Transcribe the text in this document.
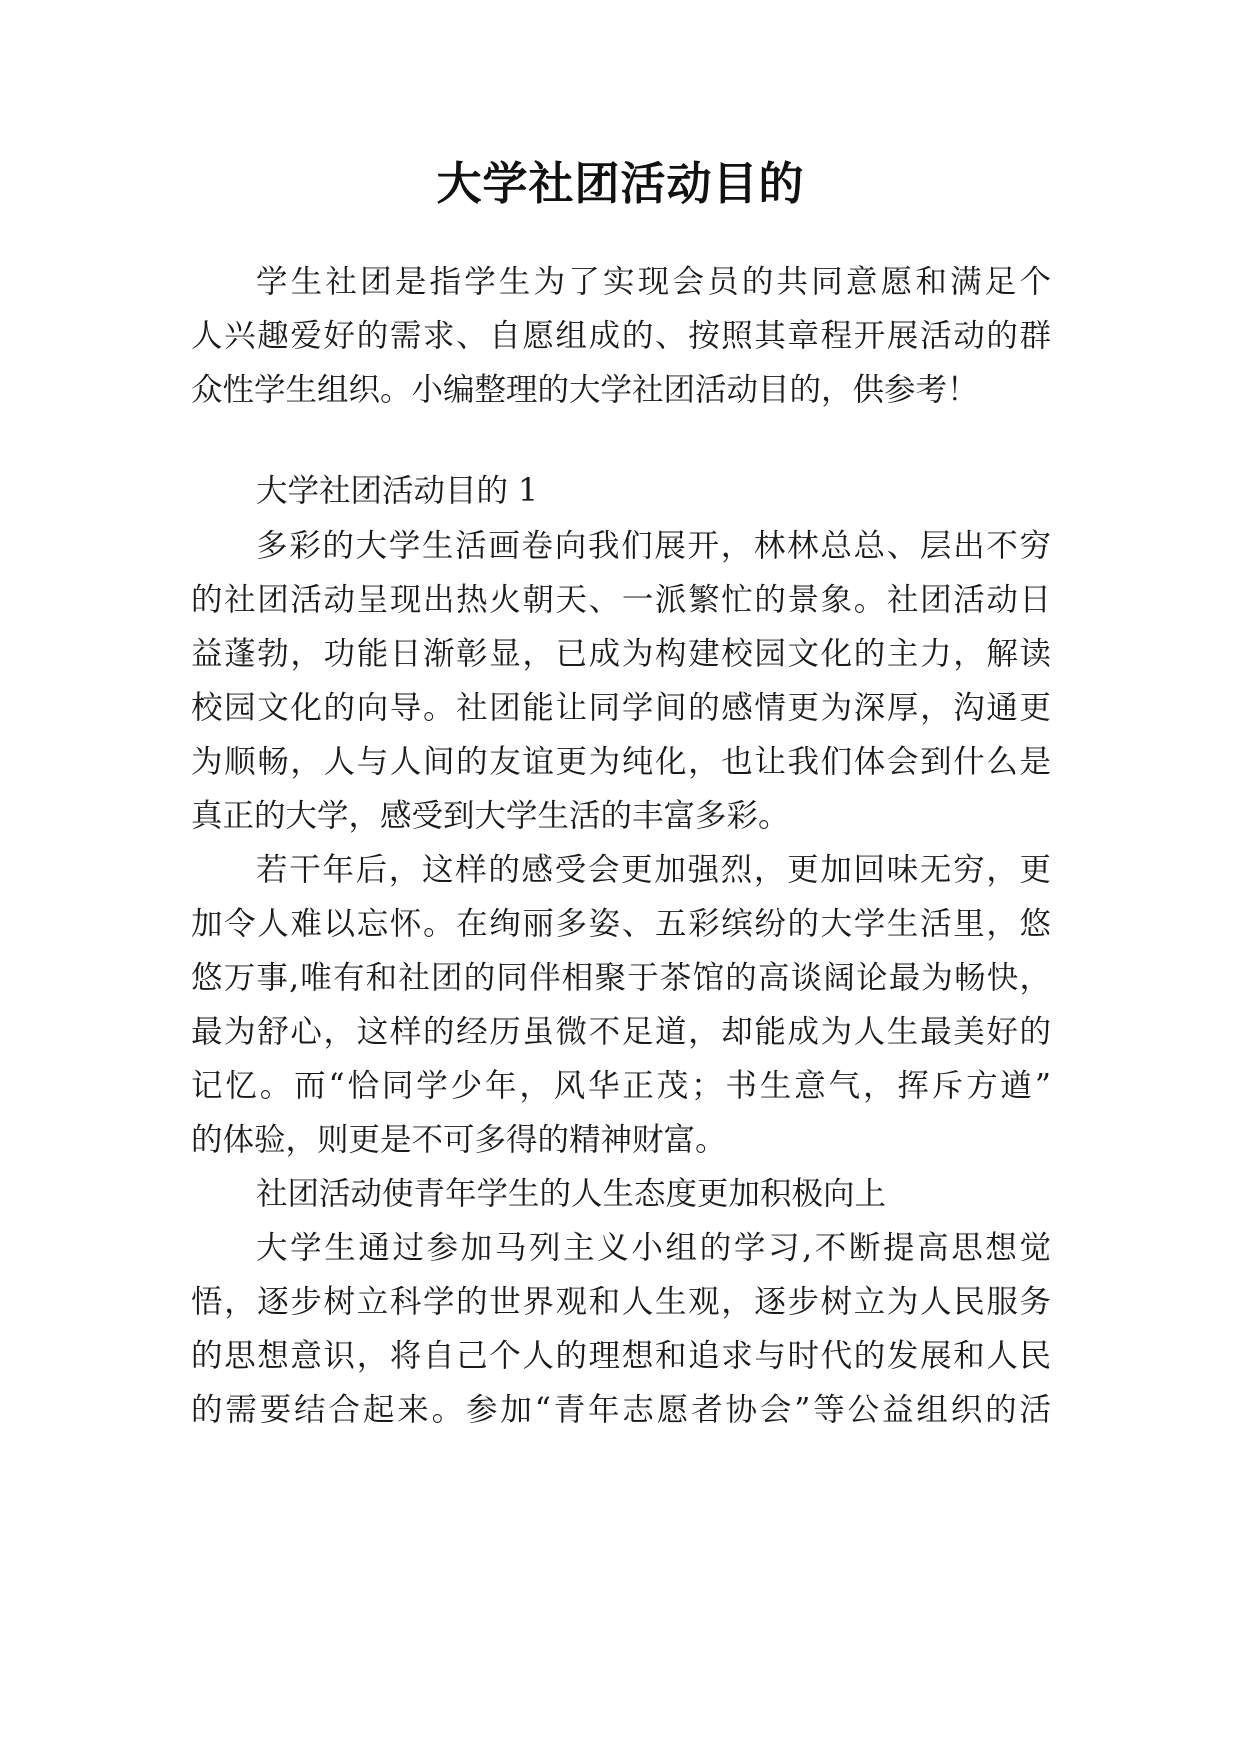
大学社团活动目的

学生社团是指学生为了实现会员的共同意愿和满足个

人兴趣爱好的需求、自愿组成的、按照其章程开展活动的群

众性学生组织。小编整理的大学社团活动目的，供参考！

大学社团活动目的 1

多彩的大学生活画卷向我们展开，林林总总、层出不穷

的社团活动呈现出热火朝天、一派繁忙的景象。社团活动日

益蓬勃，功能日渐彰显，已成为构建校园文化的主力，解读

校园文化的向导。社团能让同学间的感情更为深厚，沟通更

为顺畅，人与人间的友谊更为纯化，也让我们体会到什么是

真正的大学，感受到大学生活的丰富多彩。

若干年后，这样的感受会更加强烈，更加回味无穷，更

加令人难以忘怀。在绚丽多姿、五彩缤纷的大学生活里，悠

悠万事,唯有和社团的同伴相聚于茶馆的高谈阔论最为畅快，

最为舒心，这样的经历虽微不足道，却能成为人生最美好的

记忆。而“恰同学少年，风华正茂；书生意气，挥斥方遒”

的体验，则更是不可多得的精神财富。

社团活动使青年学生的人生态度更加积极向上

大学生通过参加马列主义小组的学习,不断提高思想觉

悟，逐步树立科学的世界观和人生观，逐步树立为人民服务

的思想意识，将自己个人的理想和追求与时代的发展和人民

的需要结合起来。参加“青年志愿者协会”等公益组织的活
